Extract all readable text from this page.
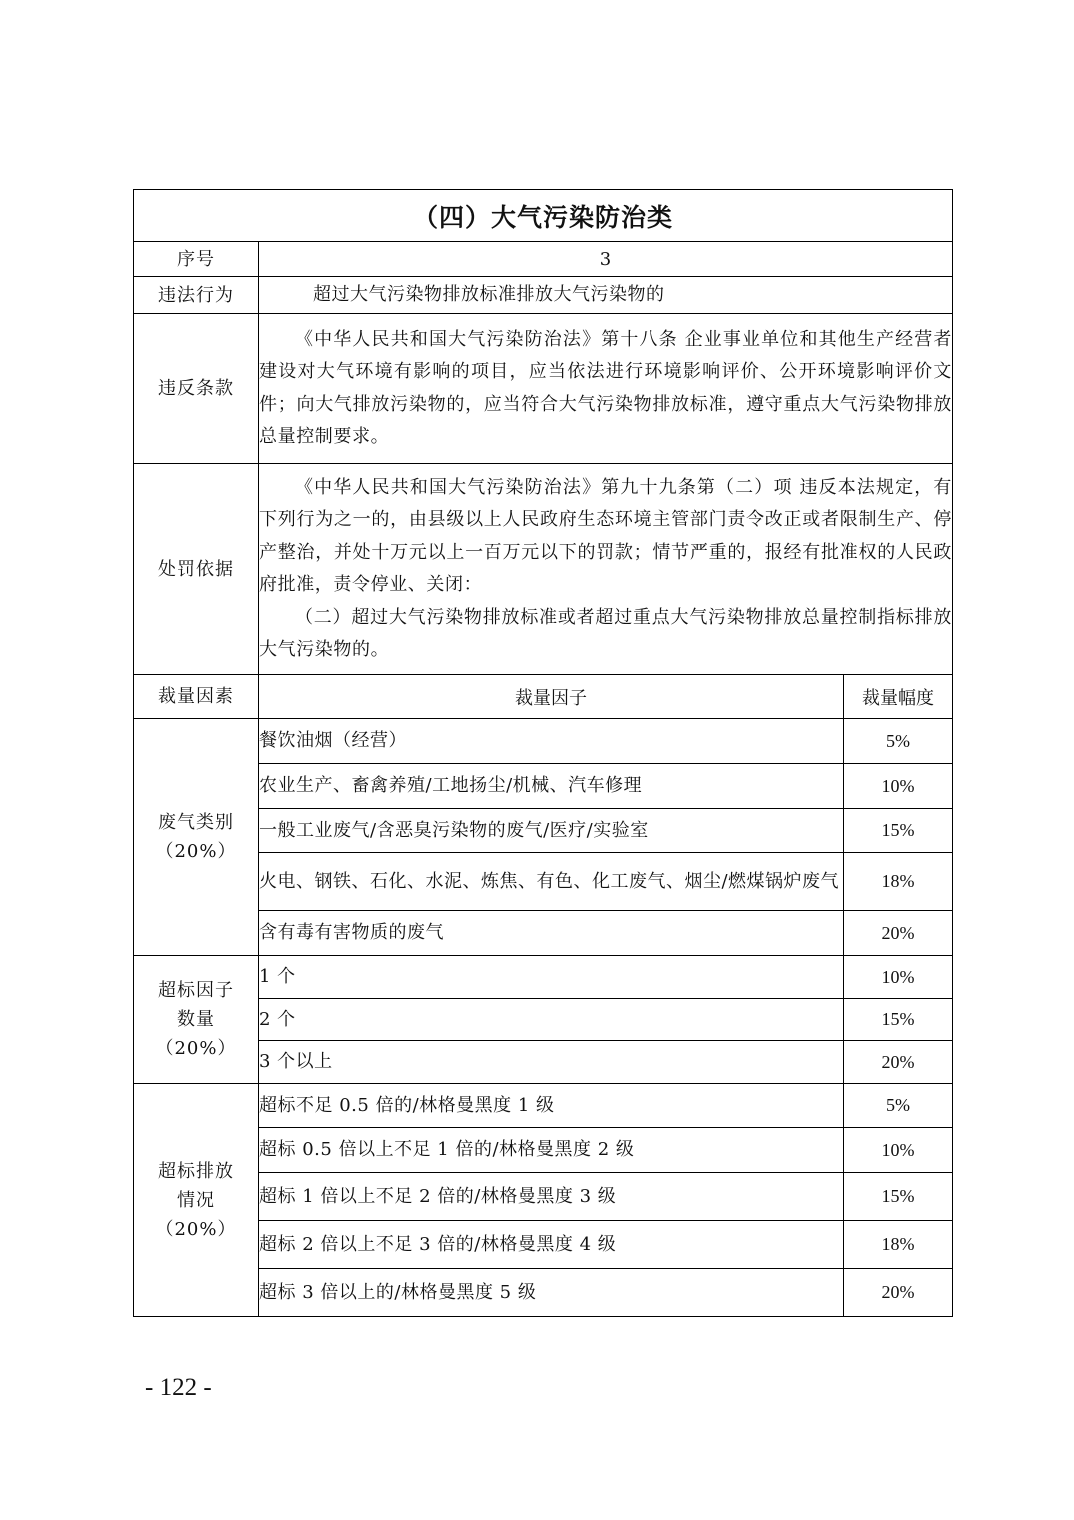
（四）大气污染防治类		
序号	3	
违法行为	超过大气污染物排放标准排放大气污染物的	
违反条款	《中华人民共和国大气污染防治法》第十八条 企业事业单位和其他生产经营者建设对大气环境有影响的项目，应当依法进行环境影响评价、公开环境影响评价文件；向大气排放污染物的，应当符合大气污染物排放标准，遵守重点大气污染物排放总量控制要求。	

处罚依据	《中华人民共和国大气污染防治法》第九十九条第（二）项 违反本法规定，有下列行为之一的，由县级以上人民政府生态环境主管部门责令改正或者限制生产、停产整治，并处十万元以上一百万元以下的罚款；情节严重的，报经有批准权的人民政府批准，责令停业、关闭：
（二）超过大气污染物排放标准或者超过重点大气污染物排放总量控制指标排放大气污染物的。	

裁量因素	裁量因子	裁量幅度

废气类别
（20%）	餐饮油烟（经营）	5%
	农业生产、畜禽养殖/工地扬尘/机械、汽车修理	10%
	一般工业废气/含恶臭污染物的废气/医疗/实验室	15%
	火电、钢铁、石化、水泥、炼焦、有色、化工废气、烟尘/燃煤锅炉废气	18%
	含有毒有害物质的废气	20%

超标因子
数量
（20%）	1 个	10%
	2 个	15%
	3 个以上	20%

超标排放
情况
（20%）	超标不足 0.5 倍的/林格曼黑度 1 级	5%
	超标 0.5 倍以上不足 1 倍的/林格曼黑度 2 级	10%
	超标 1 倍以上不足 2 倍的/林格曼黑度 3 级	15%
	超标 2 倍以上不足 3 倍的/林格曼黑度 4 级	18%
	超标 3 倍以上的/林格曼黑度 5 级	20%
- 122 -
